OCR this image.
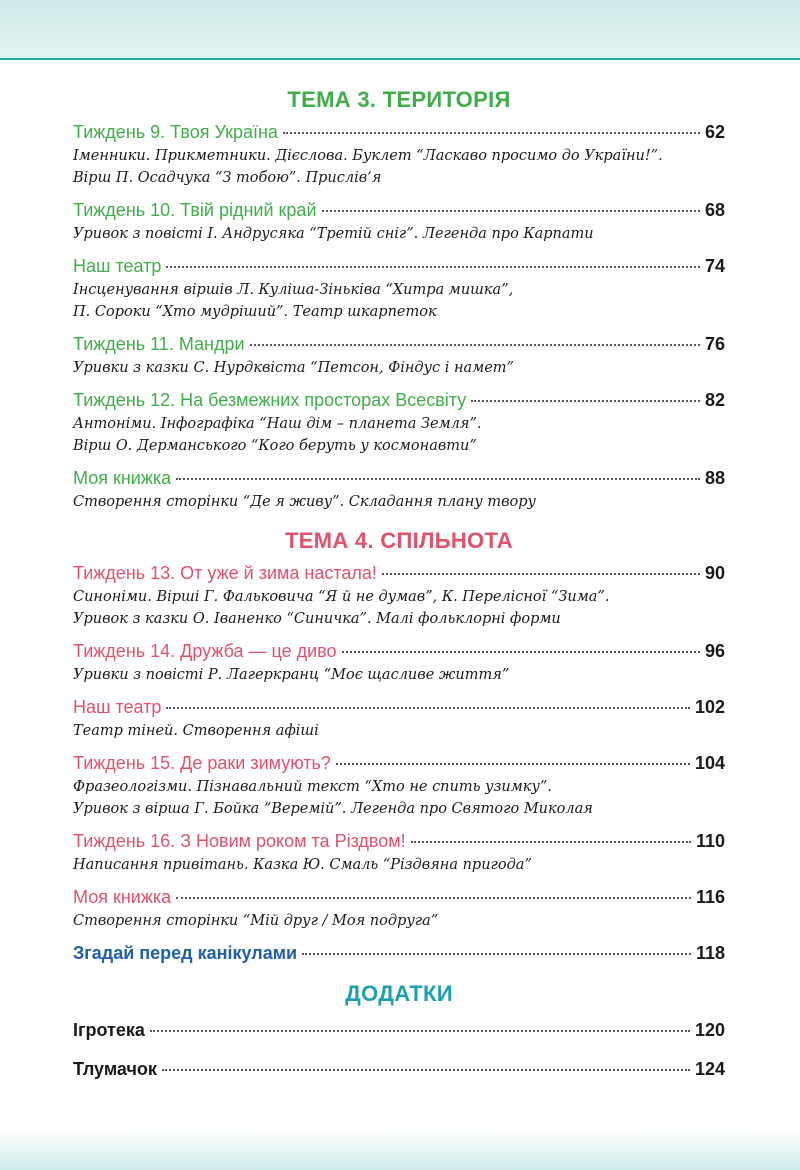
ТЕМА 3. ТЕРИТОРІЯ
Тиждень 9. Твоя Україна	62
Іменники. Прикметники. Дієслова. Буклет “Ласкаво просимо до України!”.
Вірш П. Осадчука “З тобою”. Прислів’я
Тиждень 10. Твій рідний край	68
Уривок з повісті І. Андрусяка “Третій сніг”. Легенда про Карпати
Наш театр	74
Інсценування віршів Л. Куліша-Зіньківа “Хитра мишка”,
П. Сороки “Хто мудріший”. Театр шкарпеток
Тиждень 11. Мандри	76
Уривки з казки С. Нурдквіста “Петсон, Фіндус і намет”
Тиждень 12. На безмежних просторах Всесвіту	82
Антоніми. Інфографіка “Наш дім – планета Земля”.
Вірш О. Дерманського “Кого беруть у космонавти”
Моя книжка	88
Створення сторінки “Де я живу”. Складання плану твору
ТЕМА 4. СПІЛЬНОТА
Тиждень 13. От уже й зима настала!	90
Синоніми. Вірші Г. Фальковича “Я й не думав”, К. Перелісної “Зима”.
Уривок з казки О. Іваненко “Синичка”. Малі фольклорні форми
Тиждень 14. Дружба — це диво	96
Уривки з повісті Р. Лагеркранц “Моє щасливе життя”
Наш театр	102
Театр тіней. Створення афіші
Тиждень 15. Де раки зимують?	104
Фразеологізми. Пізнавальний текст “Хто не спить узимку”.
Уривок з вірша Г. Бойка “Веремій”. Легенда про Святого Миколая
Тиждень 16. З Новим роком та Різдвом!	110
Написання привітань. Казка Ю. Смаль “Різдвяна пригода”
Моя книжка	116
Створення сторінки “Мій друг / Моя подруга”
Згадай перед канікулами	118
ДОДАТКИ
Ігротека	120
Тлумачок	124
